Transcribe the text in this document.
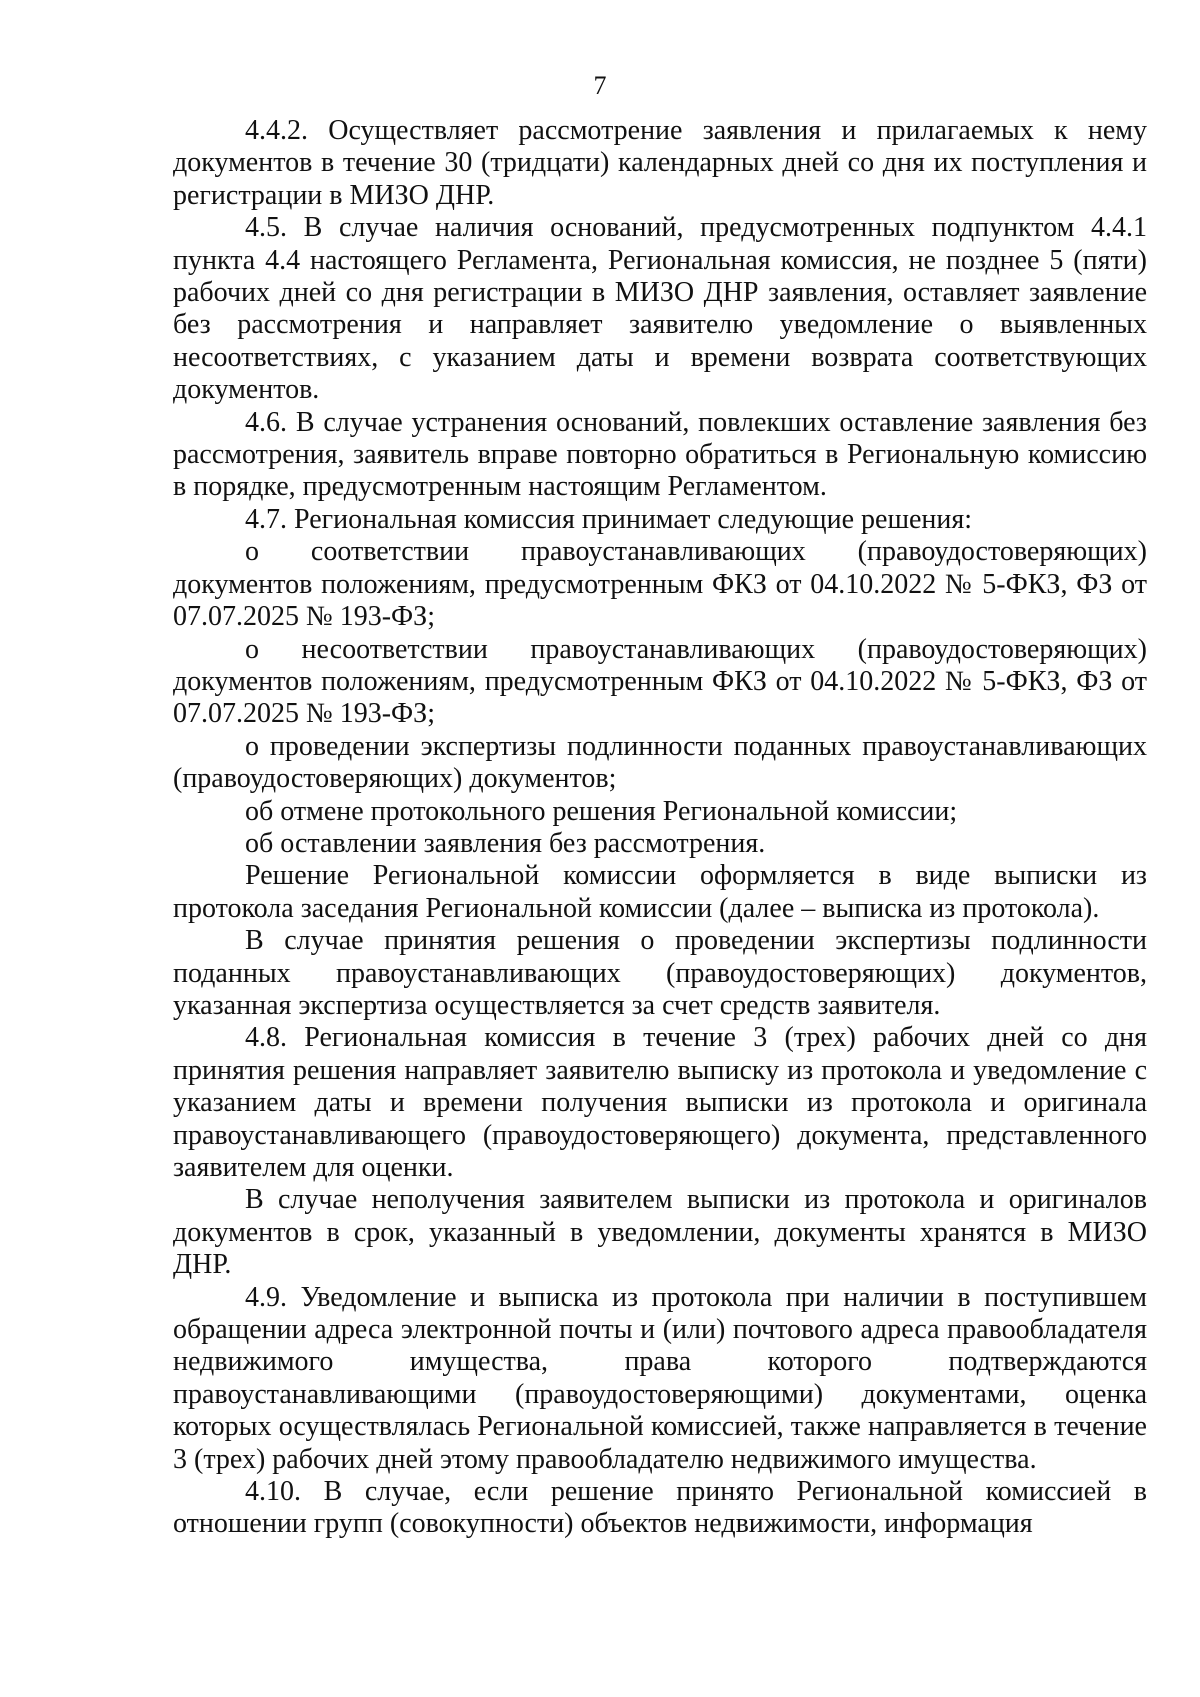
7

4.4.2. Осуществляет рассмотрение заявления и прилагаемых к нему документов в течение 30 (тридцати) календарных дней со дня их поступления и регистрации в МИЗО ДНР.

4.5. В случае наличия оснований, предусмотренных подпунктом 4.4.1 пункта 4.4 настоящего Регламента, Региональная комиссия, не позднее 5 (пяти) рабочих дней со дня регистрации в МИЗО ДНР заявления, оставляет заявление без рассмотрения и направляет заявителю уведомление о выявленных несоответствиях, с указанием даты и времени возврата соответствующих документов.

4.6. В случае устранения оснований, повлекших оставление заявления без рассмотрения, заявитель вправе повторно обратиться в Региональную комиссию в порядке, предусмотренным настоящим Регламентом.

4.7. Региональная комиссия принимает следующие решения:

о соответствии правоустанавливающих (правоудостоверяющих) документов положениям, предусмотренным ФКЗ от 04.10.2022 № 5-ФКЗ, ФЗ от 07.07.2025 № 193-ФЗ;

о несоответствии правоустанавливающих (правоудостоверяющих) документов положениям, предусмотренным ФКЗ от 04.10.2022 № 5-ФКЗ, ФЗ от 07.07.2025 № 193-ФЗ;

о проведении экспертизы подлинности поданных правоустанавливающих (правоудостоверяющих) документов;

об отмене протокольного решения Региональной комиссии;

об оставлении заявления без рассмотрения.

Решение Региональной комиссии оформляется в виде выписки из протокола заседания Региональной комиссии (далее – выписка из протокола).

В случае принятия решения о проведении экспертизы подлинности поданных правоустанавливающих (правоудостоверяющих) документов, указанная экспертиза осуществляется за счет средств заявителя.

4.8. Региональная комиссия в течение 3 (трех) рабочих дней со дня принятия решения направляет заявителю выписку из протокола и уведомление с указанием даты и времени получения выписки из протокола и оригинала правоустанавливающего (правоудостоверяющего) документа, представленного заявителем для оценки.

В случае неполучения заявителем выписки из протокола и оригиналов документов в срок, указанный в уведомлении, документы хранятся в МИЗО ДНР.

4.9. Уведомление и выписка из протокола при наличии в поступившем обращении адреса электронной почты и (или) почтового адреса правообладателя недвижимого имущества, права которого подтверждаются правоустанавливающими (правоудостоверяющими) документами, оценка которых осуществлялась Региональной комиссией, также направляется в течение 3 (трех) рабочих дней этому правообладателю недвижимого имущества.

4.10. В случае, если решение принято Региональной комиссией в отношении групп (совокупности) объектов недвижимости, информация
